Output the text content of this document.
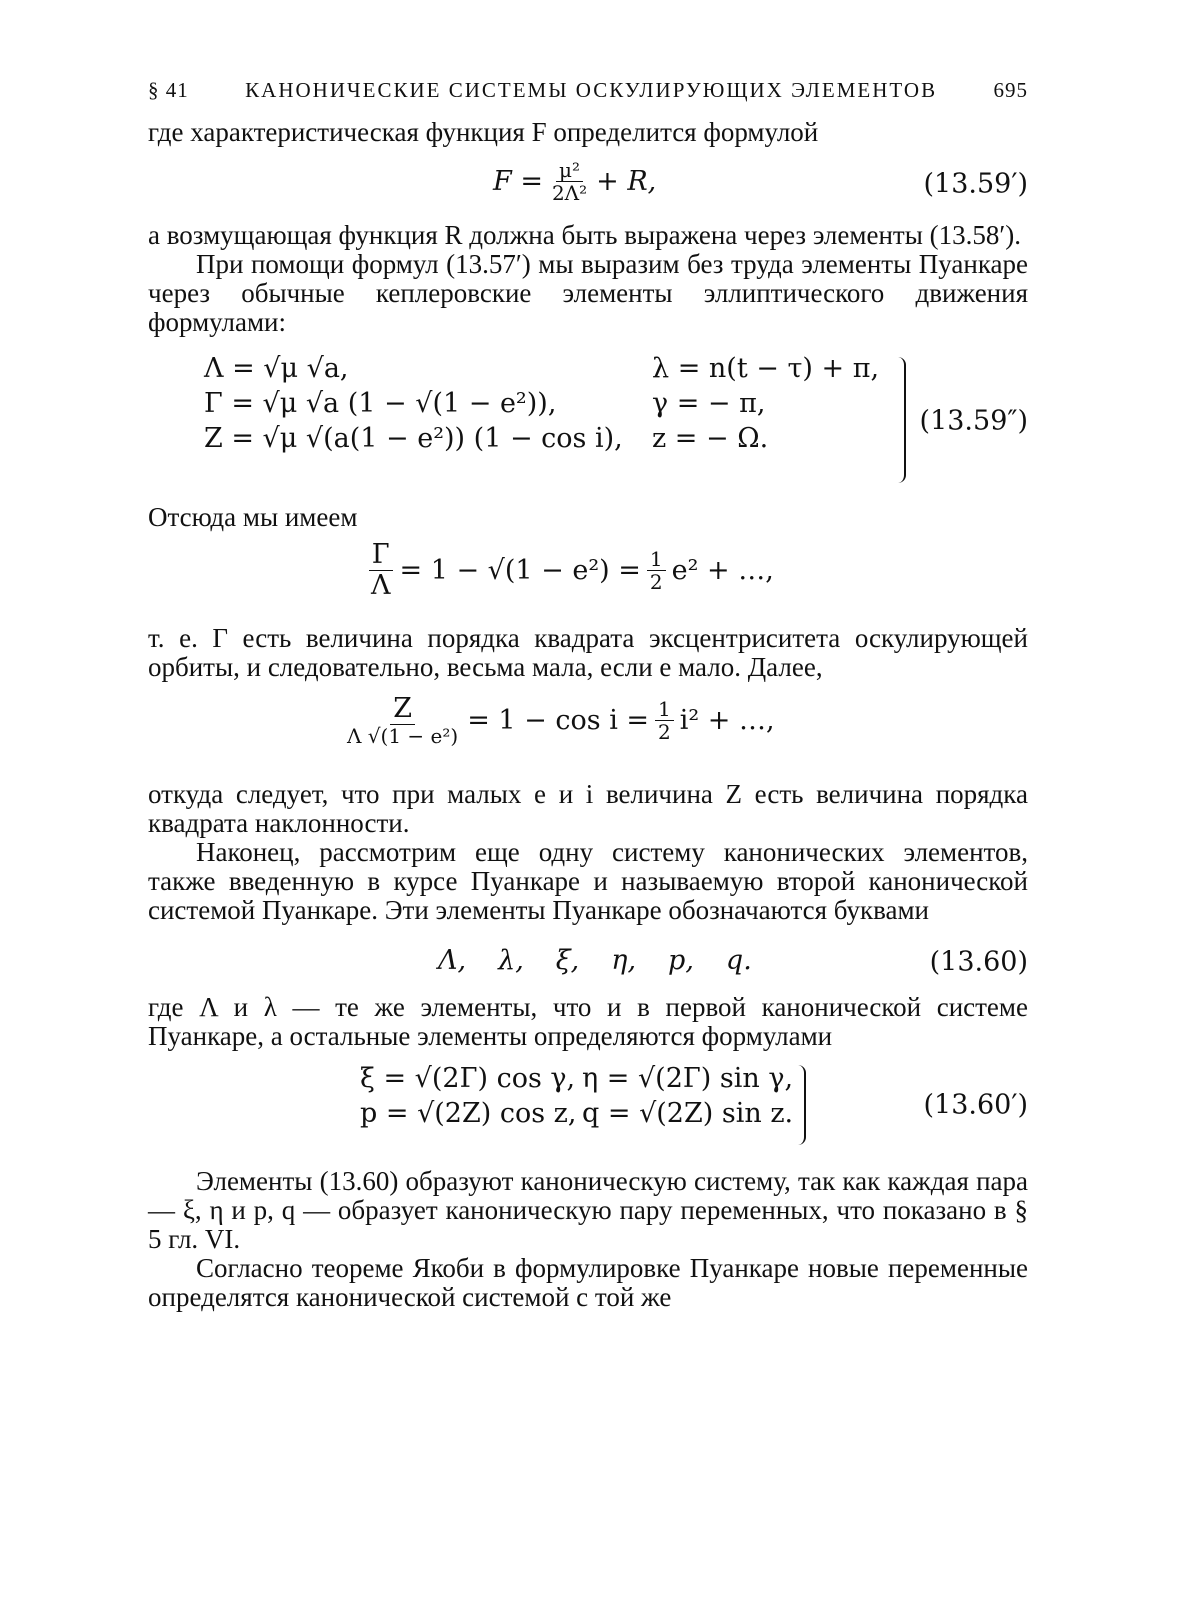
§ 41	КАНОНИЧЕСКИЕ СИСТЕМЫ ОСКУЛИРУЮЩИХ ЭЛЕМЕНТОВ	695

где характеристическая функция F определится формулой

$F = \frac{\text{μ²}}{\text{2Λ²}} + R$,	(13.59′)

а возмущающая функция R должна быть выражена через элементы (13.58′).

При помощи формул (13.57′) мы выразим без труда элементы Пуанкаре через обычные кеплеровские элементы эллиптического движения формулами:

Λ = √μ √a,	λ = n(t − τ) + π,
Γ = √μ √a (1 − √(1 − e²)),	γ = − π,
Z = √μ √(a(1 − e²)) (1 − cos i),	z = − Ω.
(13.59″)

Отсюда мы имеем

$\frac{Г}{\Lambda} = 1 - √(1 - e^2) = \frac{1}{2} e^2$ + …,

т. е. Г есть величина порядка квадрата эксцентриситета оскулирующей орбиты, и следовательно, весьма мала, если e мало. Далее,

$\frac{Z}{\text{Λ √(1 − e²)}} = 1 - \cos i = \frac{1}{2} i^2$ + …,

откуда следует, что при малых e и i величина Z есть величина порядка квадрата наклонности.

Наконец, рассмотрим еще одну систему канонических элементов, также введенную в курсе Пуанкаре и называемую второй канонической системой Пуанкаре. Эти элементы Пуанкаре обозначаются буквами

Λ, λ, ξ, η, p, q.	(13.60)

где Λ и λ — те же элементы, что и в первой канонической системе Пуанкаре, а остальные элементы определяются формулами

ξ = √(2Г) cos γ,	η = √(2Г) sin γ,
p = √(2Z) cos z,	q = √(2Z) sin z.	(13.60′)

Элементы (13.60) образуют каноническую систему, так как каждая пара — ξ, η и p, q — образует каноническую пару переменных, что показано в § 5 гл. VI.

Согласно теореме Якоби в формулировке Пуанкаре новые переменные определятся канонической системой с той же
